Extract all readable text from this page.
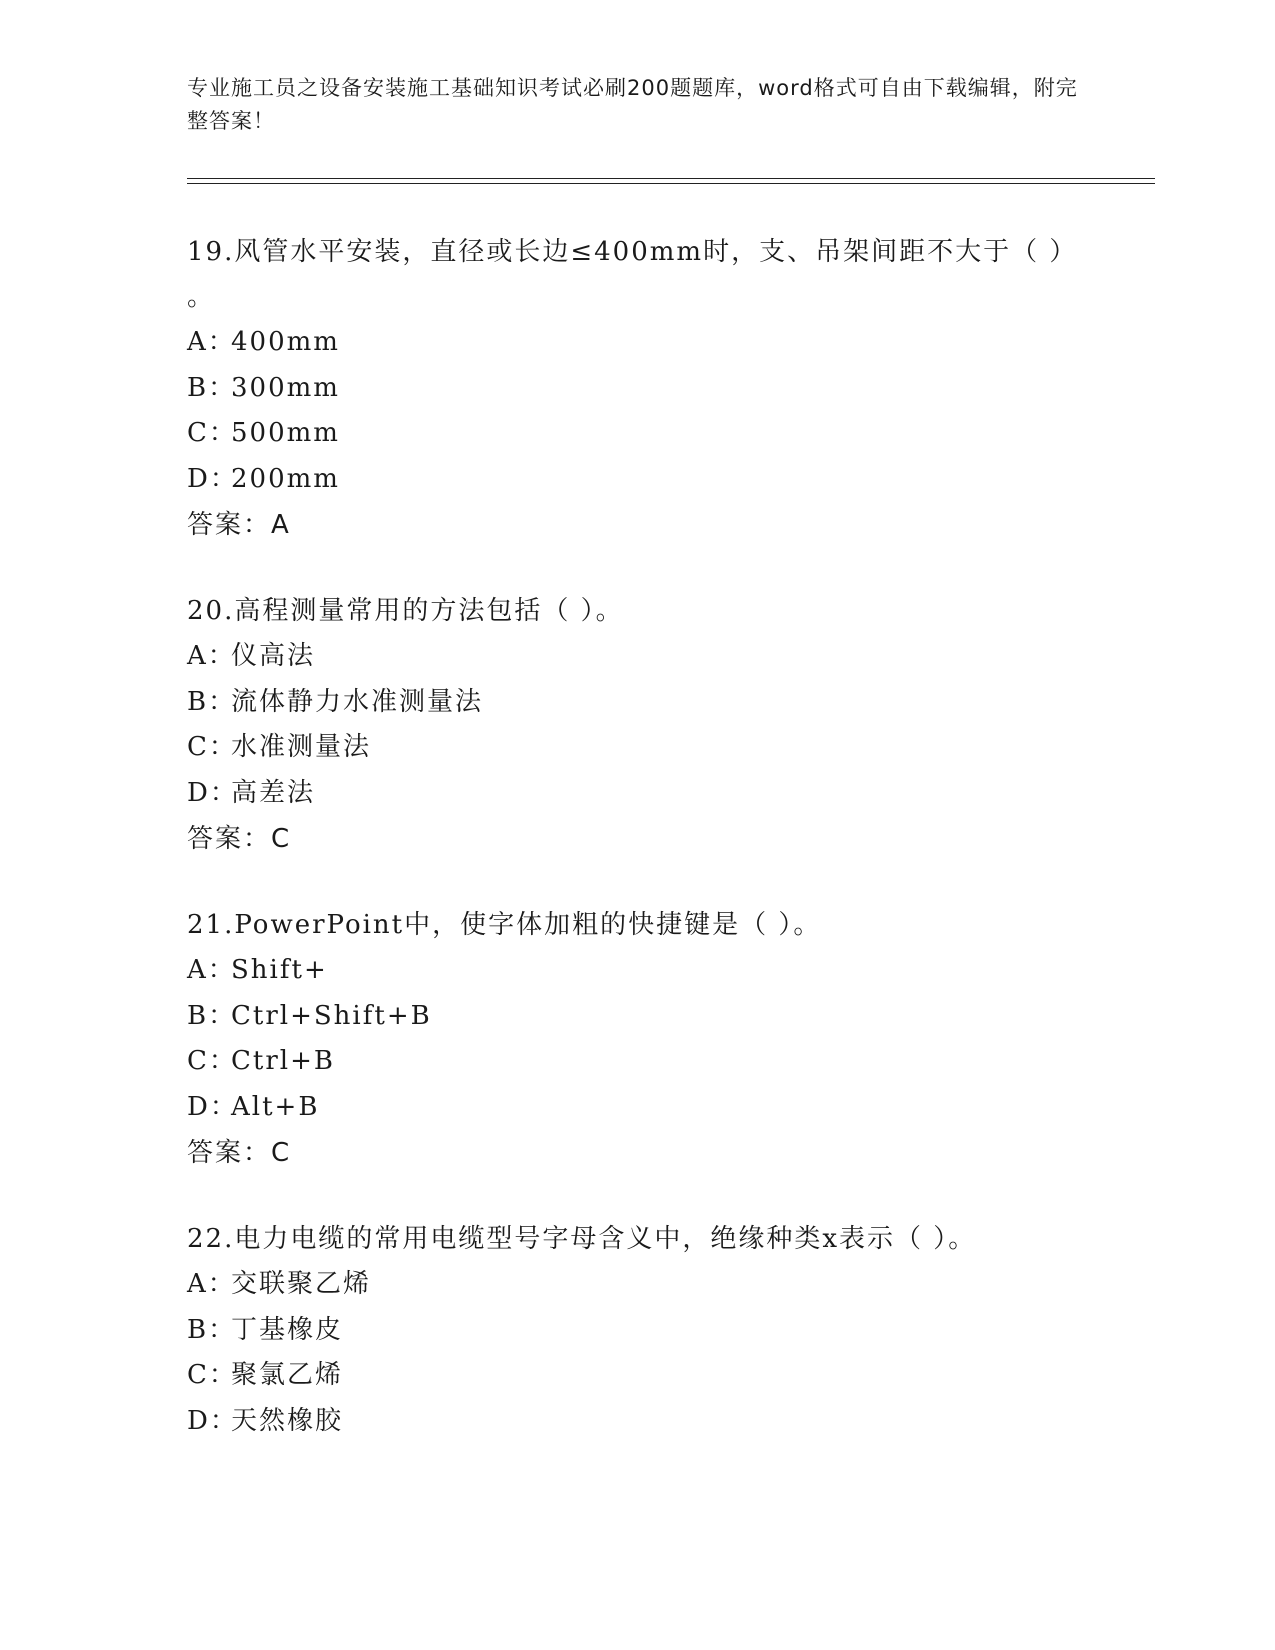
专业施工员之设备安装施工基础知识考试必刷200题题库，word格式可自由下载编辑，附完整答案！

19.风管水平安装，直径或长边≤400mm时，支、吊架间距不大于（ ）
。

A：400mm

B：300mm

C：500mm

D：200mm

答案：A

20.高程测量常用的方法包括（ ）。

A：仪高法

B：流体静力水准测量法

C：水准测量法

D：高差法

答案：C

21.PowerPoint中，使字体加粗的快捷键是（ ）。

A：Shift+

B：Ctrl+Shift+B

C：Ctrl+B

D：Alt+B

答案：C

22.电力电缆的常用电缆型号字母含义中，绝缘种类x表示（ ）。

A：交联聚乙烯

B：丁基橡皮

C：聚氯乙烯

D：天然橡胶
